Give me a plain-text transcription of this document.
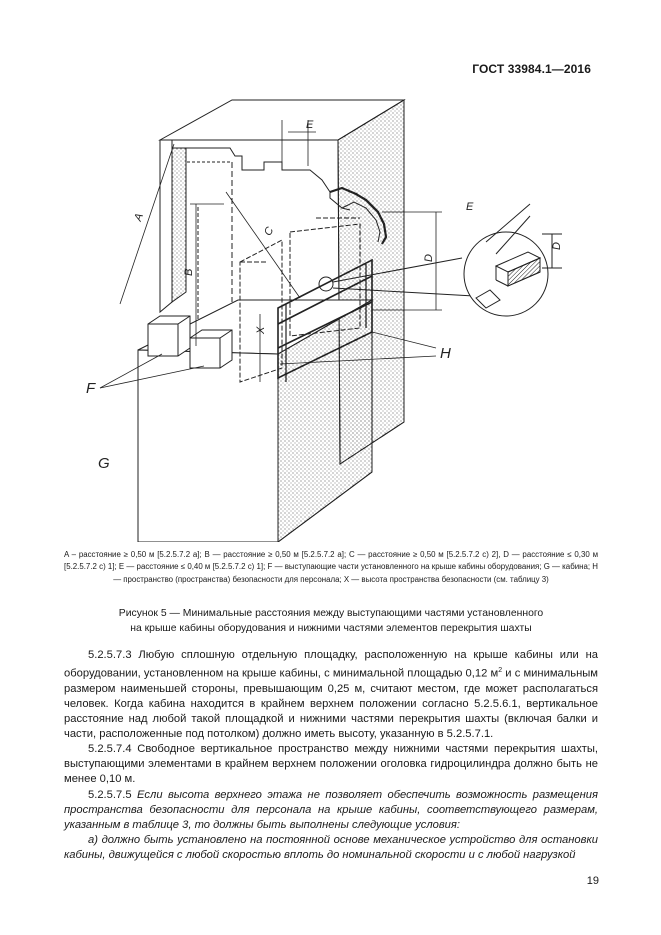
ГОСТ 33984.1—2016
A
B
C
D
D
E
E
X
F
G
H
A – расстояние ≥ 0,50 м [5.2.5.7.2 a]; B — расстояние ≥ 0,50 м [5.2.5.7.2 a]; C — расстояние ≥ 0,50 м [5.2.5.7.2 c) 2], D — расстояние ≤ 0,30 м [5.2.5.7.2 c) 1]; E — расстояние ≤ 0,40 м [5.2.5.7.2 c) 1]; F — выступающие части установленного на крыше кабины оборудования; G — кабина; H — пространство (пространства) безопасности для персонала; X — высота пространства безопасности (см. таблицу 3)
Рисунок 5 — Минимальные расстояния между выступающими частями установленного
на крыше кабины оборудования и нижними частями элементов перекрытия шахты

5.2.5.7.3 Любую сплошную отдельную площадку, расположенную на крыше кабины или на оборудовании, установленном на крыше кабины, с минимальной площадью 0,12 $м^2$ и с минимальным размером наименьшей стороны, превышающим 0,25 м, считают местом, где может располагаться человек. Когда кабина находится в крайнем верхнем положении согласно 5.2.5.6.1, вертикальное расстояние над любой такой площадкой и нижними частями перекрытия шахты (включая балки и части, расположенные под потолком) должно иметь высоту, указанную в 5.2.5.7.1.

5.2.5.7.4 Свободное вертикальное пространство между нижними частями перекрытия шахты, выступающими элементами в крайнем верхнем положении оголовка гидроцилиндра должно быть не менее 0,10 м.

5.2.5.7.5 Если высота верхнего этажа не позволяет обеспечить возможность размещения пространства безопасности для персонала на крыше кабины, соответствующего размерам, указанным в таблице 3, то должны быть выполнены следующие условия:

а) должно быть установлено на постоянной основе механическое устройство для остановки кабины, движущейся с любой скоростью вплоть до номинальной скорости и с любой нагрузкой

19
